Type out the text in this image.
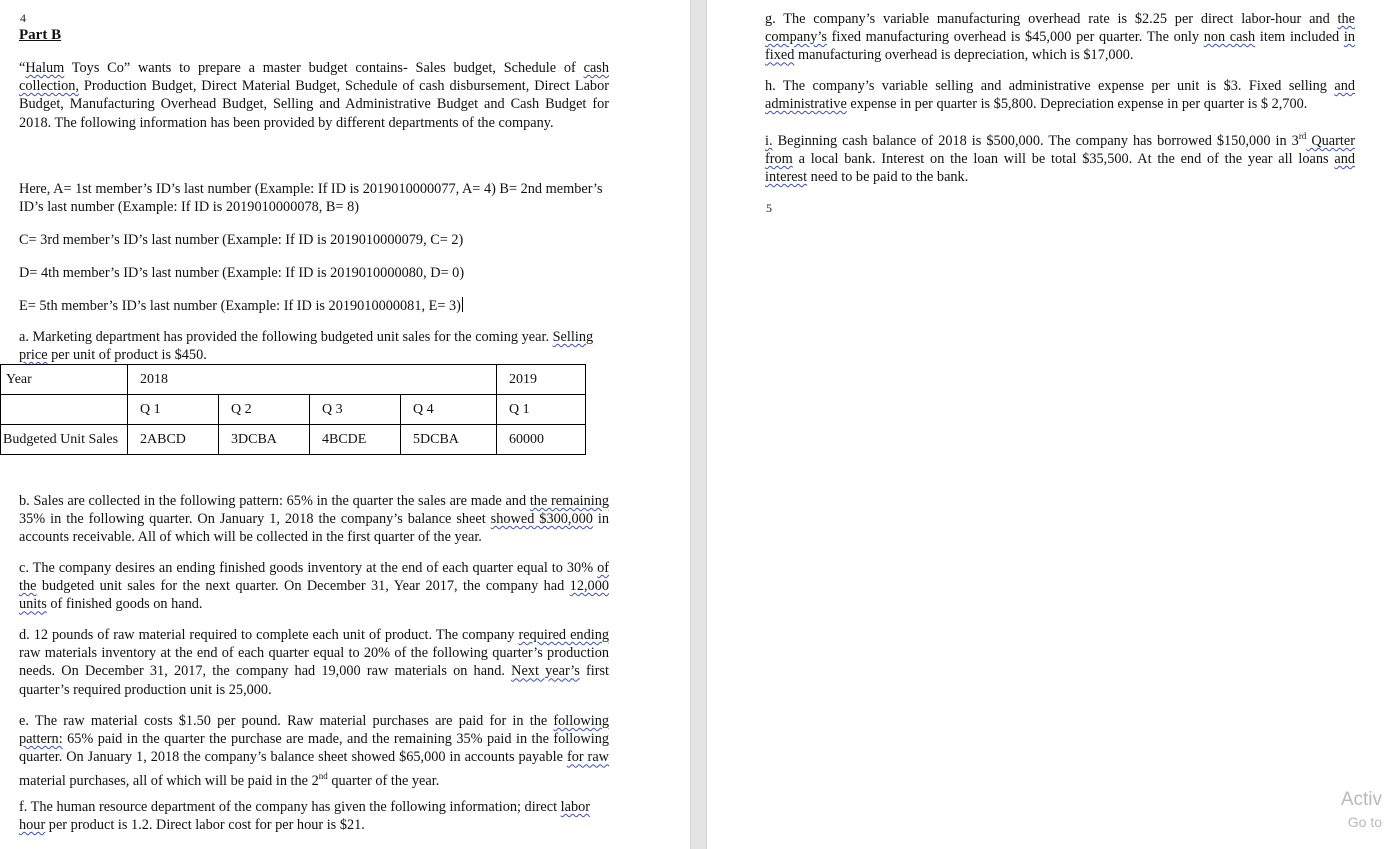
4
Part B

“Halum Toys Co” wants to prepare a master budget contains- Sales budget, Schedule of cash collection, Production Budget, Direct Material Budget, Schedule of cash disbursement, Direct Labor Budget, Manufacturing Overhead Budget, Selling and Administrative Budget and Cash Budget for 2018. The following information has been provided by different departments of the company.

Here, A= 1st member’s ID’s last number (Example: If ID is 2019010000077, A= 4) B= 2nd member’s ID’s last number (Example: If ID is 2019010000078, B= 8)

C= 3rd member’s ID’s last number (Example: If ID is 2019010000079, C= 2)

D= 4th member’s ID’s last number (Example: If ID is 2019010000080, D= 0)

E= 5th member’s ID’s last number (Example: If ID is 2019010000081, E= 3)

a. Marketing department has provided the following budgeted unit sales for the coming year. Selling price per unit of product is $450.

Year	2018				2019
	Q 1	Q 2	Q 3	Q 4	Q 1
Budgeted Unit Sales	2ABCD	3DCBA	4BCDE	5DCBA	60000

b. Sales are collected in the following pattern: 65% in the quarter the sales are made and the remaining 35% in the following quarter. On January 1, 2018 the company’s balance sheet showed $300,000 in accounts receivable. All of which will be collected in the first quarter of the year.

c. The company desires an ending finished goods inventory at the end of each quarter equal to 30% of the budgeted unit sales for the next quarter. On December 31, Year 2017, the company had 12,000 units of finished goods on hand.

d. 12 pounds of raw material required to complete each unit of product. The company required ending raw materials inventory at the end of each quarter equal to 20% of the following quarter’s production needs. On December 31, 2017, the company had 19,000 raw materials on hand. Next year’s first quarter’s required production unit is 25,000.

e. The raw material costs $1.50 per pound. Raw material purchases are paid for in the following pattern: 65% paid in the quarter the purchase are made, and the remaining 35% paid in the following quarter. On January 1, 2018 the company’s balance sheet showed $65,000 in accounts payable for raw material purchases, all of which will be paid in the 2nd quarter of the year.

f. The human resource department of the company has given the following information; direct labor hour per product is 1.2. Direct labor cost for per hour is $21.

g. The company’s variable manufacturing overhead rate is $2.25 per direct labor-hour and the company’s fixed manufacturing overhead is $45,000 per quarter. The only non cash item included in fixed manufacturing overhead is depreciation, which is $17,000.

h. The company’s variable selling and administrative expense per unit is $3. Fixed selling and administrative expense in per quarter is $5,800. Depreciation expense in per quarter is $ 2,700.

i. Beginning cash balance of 2018 is $500,000. The company has borrowed $150,000 in 3rd Quarter from a local bank. Interest on the loan will be total $35,500. At the end of the year all loans and interest need to be paid to the bank.

5
Activ
Go to
